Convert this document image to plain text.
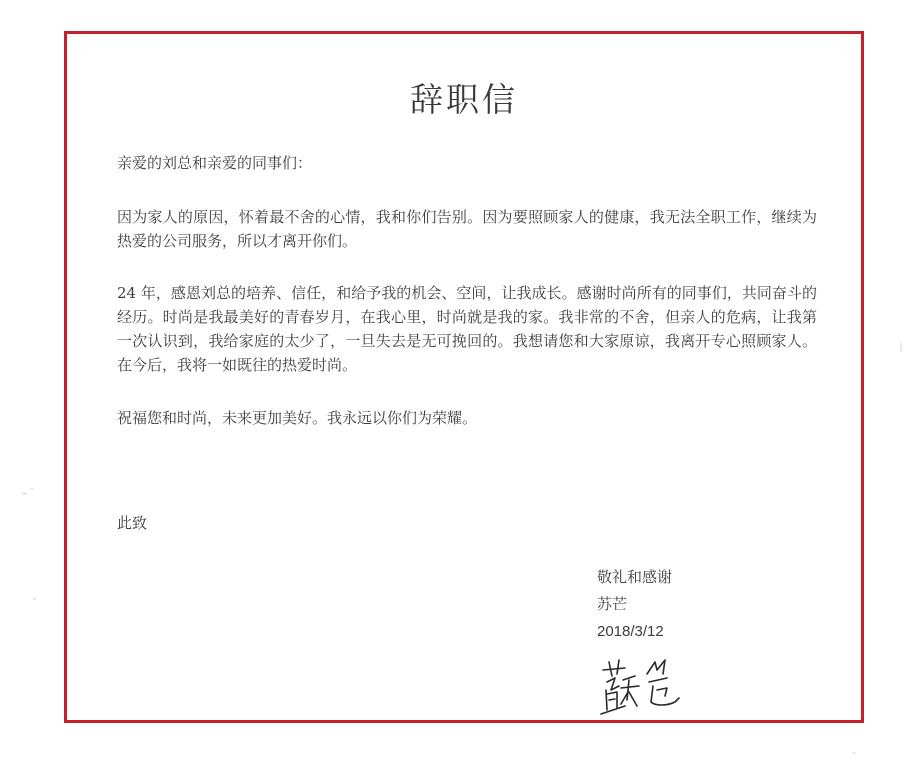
辞职信
亲爱的刘总和亲爱的同事们：
因为家人的原因，怀着最不舍的心情，我和你们告别。因为要照顾家人的健康，我无法全职工作，继续为热爱的公司服务，所以才离开你们。
24 年，感恩刘总的培养、信任，和给予我的机会、空间，让我成长。感谢时尚所有的同事们，共同奋斗的经历。时尚是我最美好的青春岁月，在我心里，时尚就是我的家。我非常的不舍，但亲人的危病，让我第一次认识到，我给家庭的太少了，一旦失去是无可挽回的。我想请您和大家原谅，我离开专心照顾家人。在今后，我将一如既往的热爱时尚。
祝福您和时尚，未来更加美好。我永远以你们为荣耀。
此致
敬礼和感谢
苏芒
2018/3/12
